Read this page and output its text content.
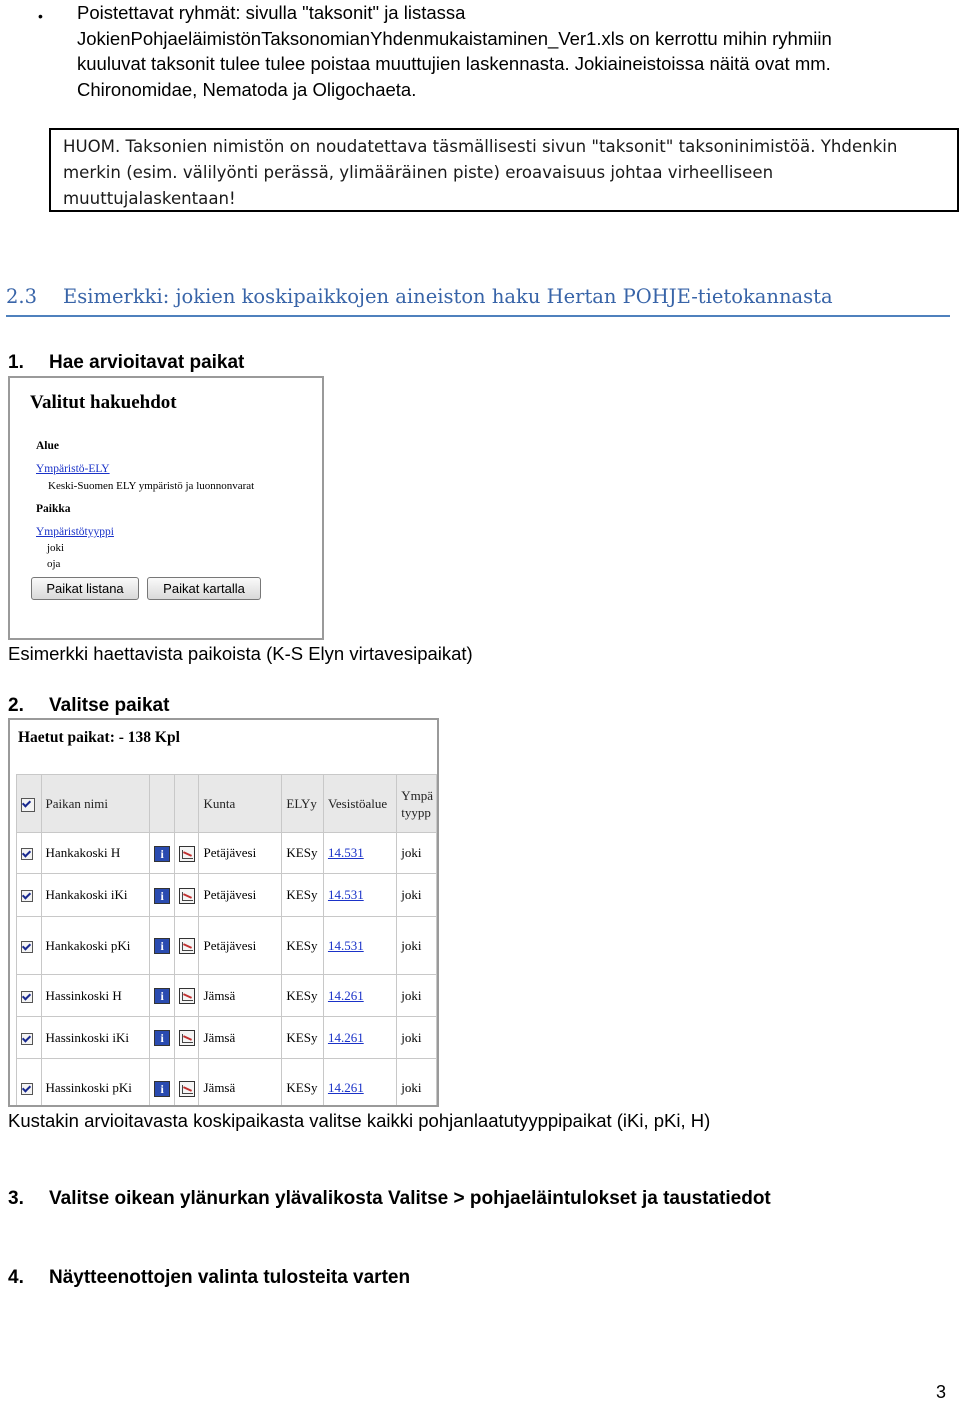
• Poistettavat ryhmät: sivulla "taksonit" ja listassa
JokienPohjaeläimistönTaksonomianYhdenmukaistaminen_Ver1.xls on kerrottu mihin ryhmiin
kuuluvat taksonit tulee tulee poistaa muuttujien laskennasta. Jokiaineistoissa näitä ovat mm.
Chironomidae, Nematoda ja Oligochaeta.
HUOM. Taksonien nimistön on noudatettava täsmällisesti sivun "taksonit" taksoninimistöä. Yhdenkin
merkin (esim. välilyönti perässä, ylimääräinen piste) eroavaisuus johtaa virheelliseen
muuttujalaskentaan!
2.3 Esimerkki: jokien koskipaikkojen aineiston haku Hertan POHJE-tietokannasta
1. Hae arvioitavat paikat
Valitut hakuehdot
Alue
Ympäristö-ELY
Keski-Suomen ELY ympäristö ja luonnonvarat
Paikka
Ympäristötyyppi
joki
oja
Paikat listana	Paikat kartalla
Esimerkki haettavista paikoista (K-S Elyn virtavesipaikat)
2. Valitse paikat
Haetut paikat: - 138 Kpl
	Paikan nimi			Kunta	ELYy	Vesistöalue	Ympä
tyypp

	Hankakoski H	i		Petäjävesi	KESy	14.531	joki
	Hankakoski iKi	i		Petäjävesi	KESy	14.531	joki
	Hankakoski pKi	i		Petäjävesi	KESy	14.531	joki
	Hassinkoski H	i		Jämsä	KESy	14.261	joki
	Hassinkoski iKi	i		Jämsä	KESy	14.261	joki
	Hassinkoski pKi	i		Jämsä	KESy	14.261	joki
Kustakin arvioitavasta koskipaikasta valitse kaikki pohjanlaatutyyppipaikat (iKi, pKi, H)
3. Valitse oikean ylänurkan ylävalikosta Valitse > pohjaeläintulokset ja taustatiedot
4. Näytteenottojen valinta tulosteita varten
3
